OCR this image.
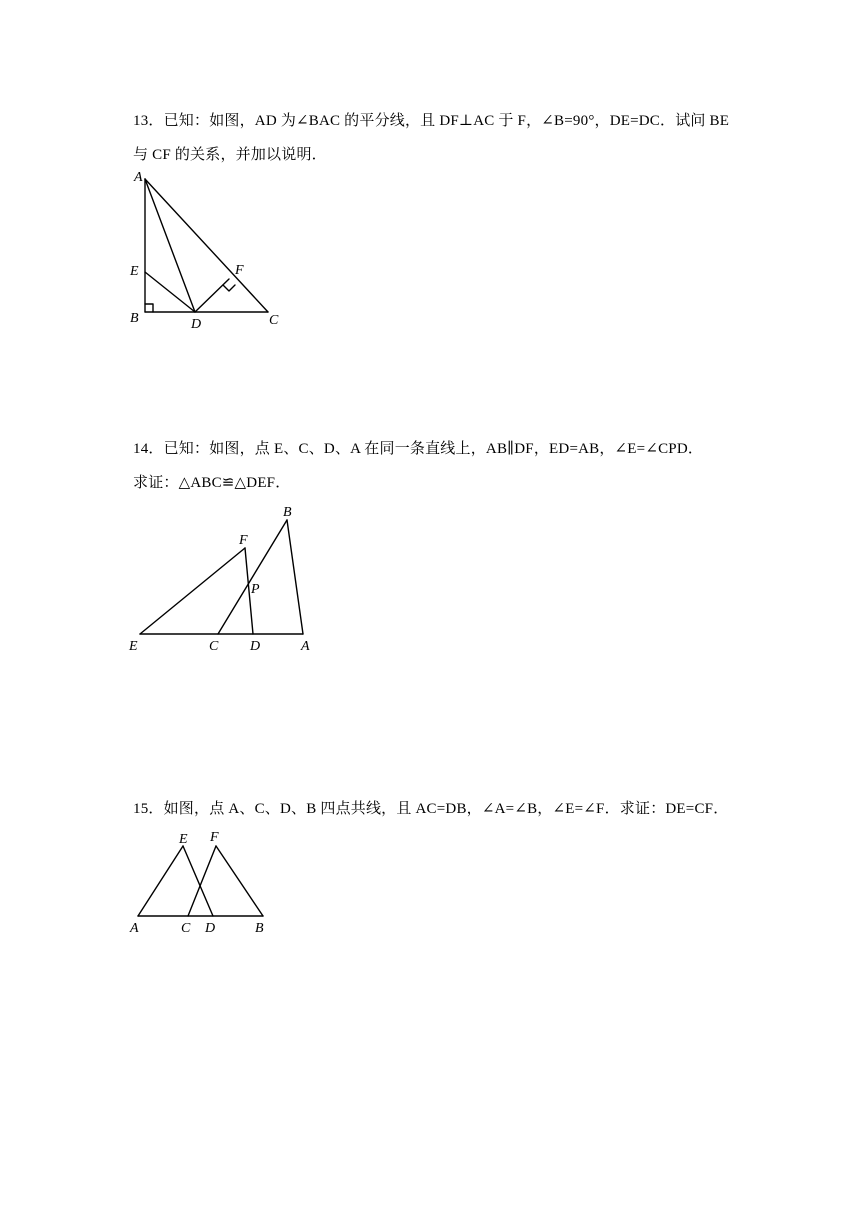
13．已知：如图，AD 为∠BAC 的平分线，且 DF⊥AC 于 F，∠B=90°，DE=DC．试问 BE

与 CF 的关系，并加以说明．

A
E
B	D	C
F

14．已知：如图，点 E、C、D、A 在同一条直线上，AB∥DF，ED=AB，∠E=∠CPD．

求证：△ABC≌△DEF．

B
F
P
E	C D	A

15．如图，点 A、C、D、B 四点共线，且 AC=DB，∠A=∠B，∠E=∠F．求证：DE=CF．

E F
A	C D	B
